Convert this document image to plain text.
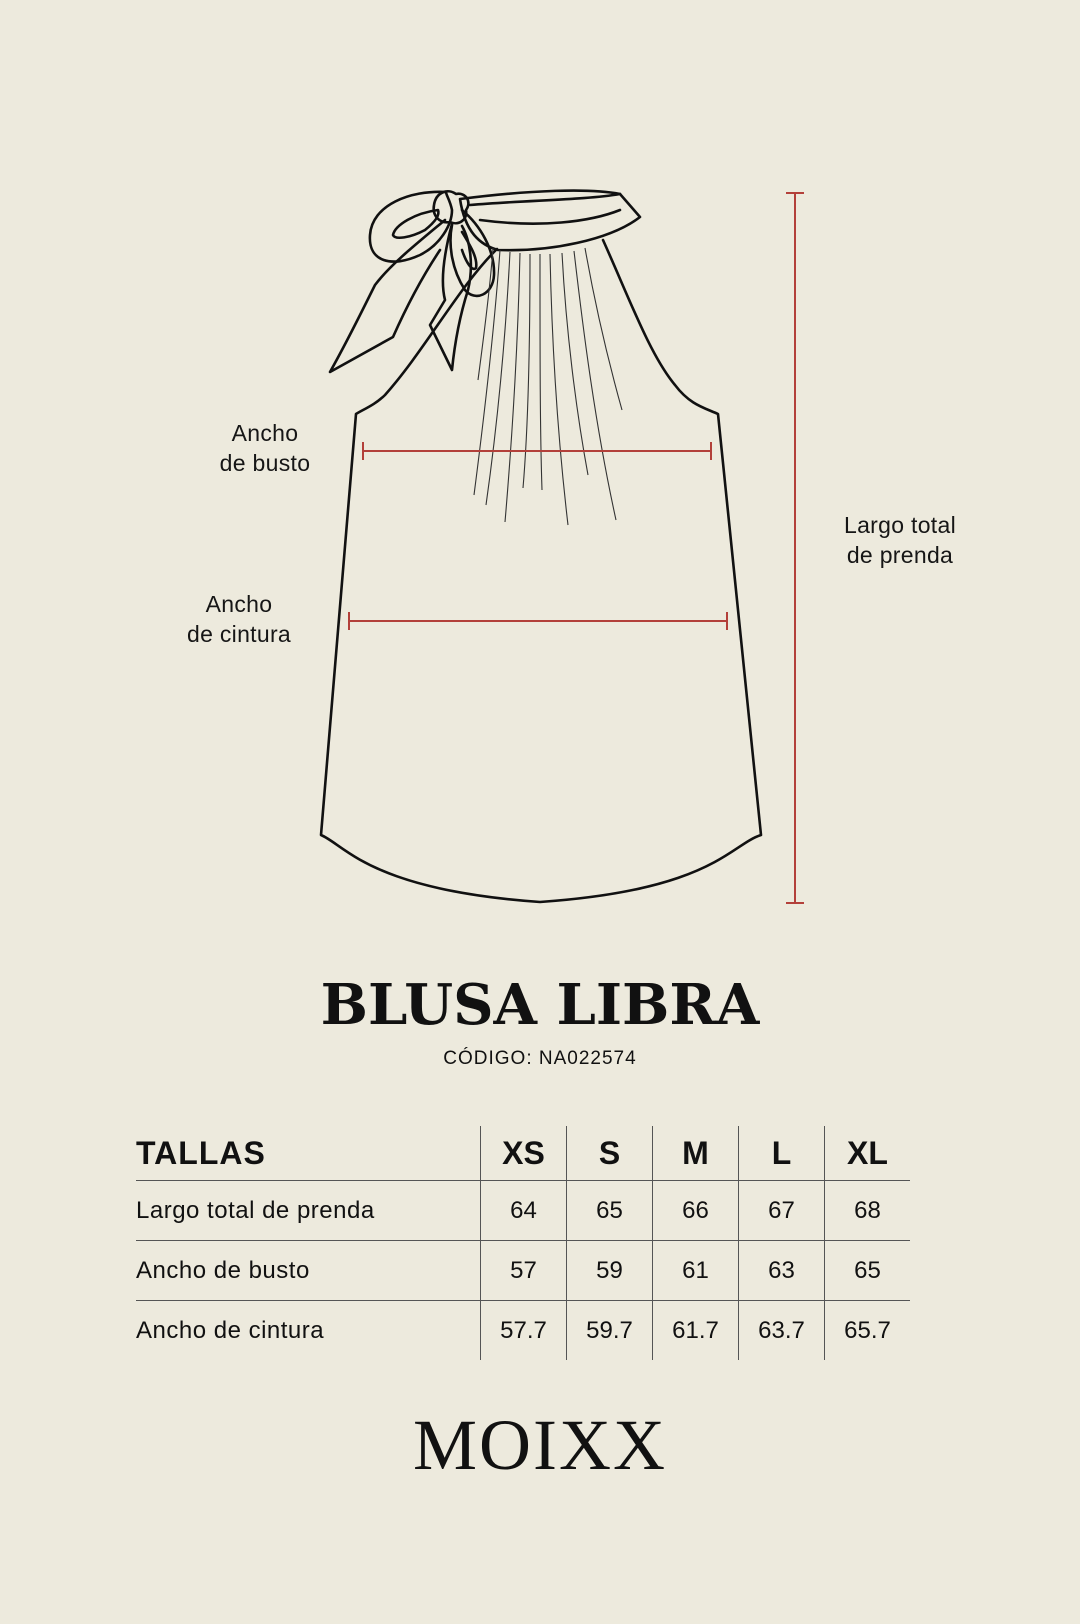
Ancho
de busto
Ancho
de cintura
Largo total
de prenda
BLUSA LIBRA
CÓDIGO: NA022574
TALLAS	XS	S	M	L	XL
Largo total de prenda	64	65	66	67	68
Ancho de busto	57	59	61	63	65
Ancho de cintura	57.7	59.7	61.7	63.7	65.7
MOIXX
